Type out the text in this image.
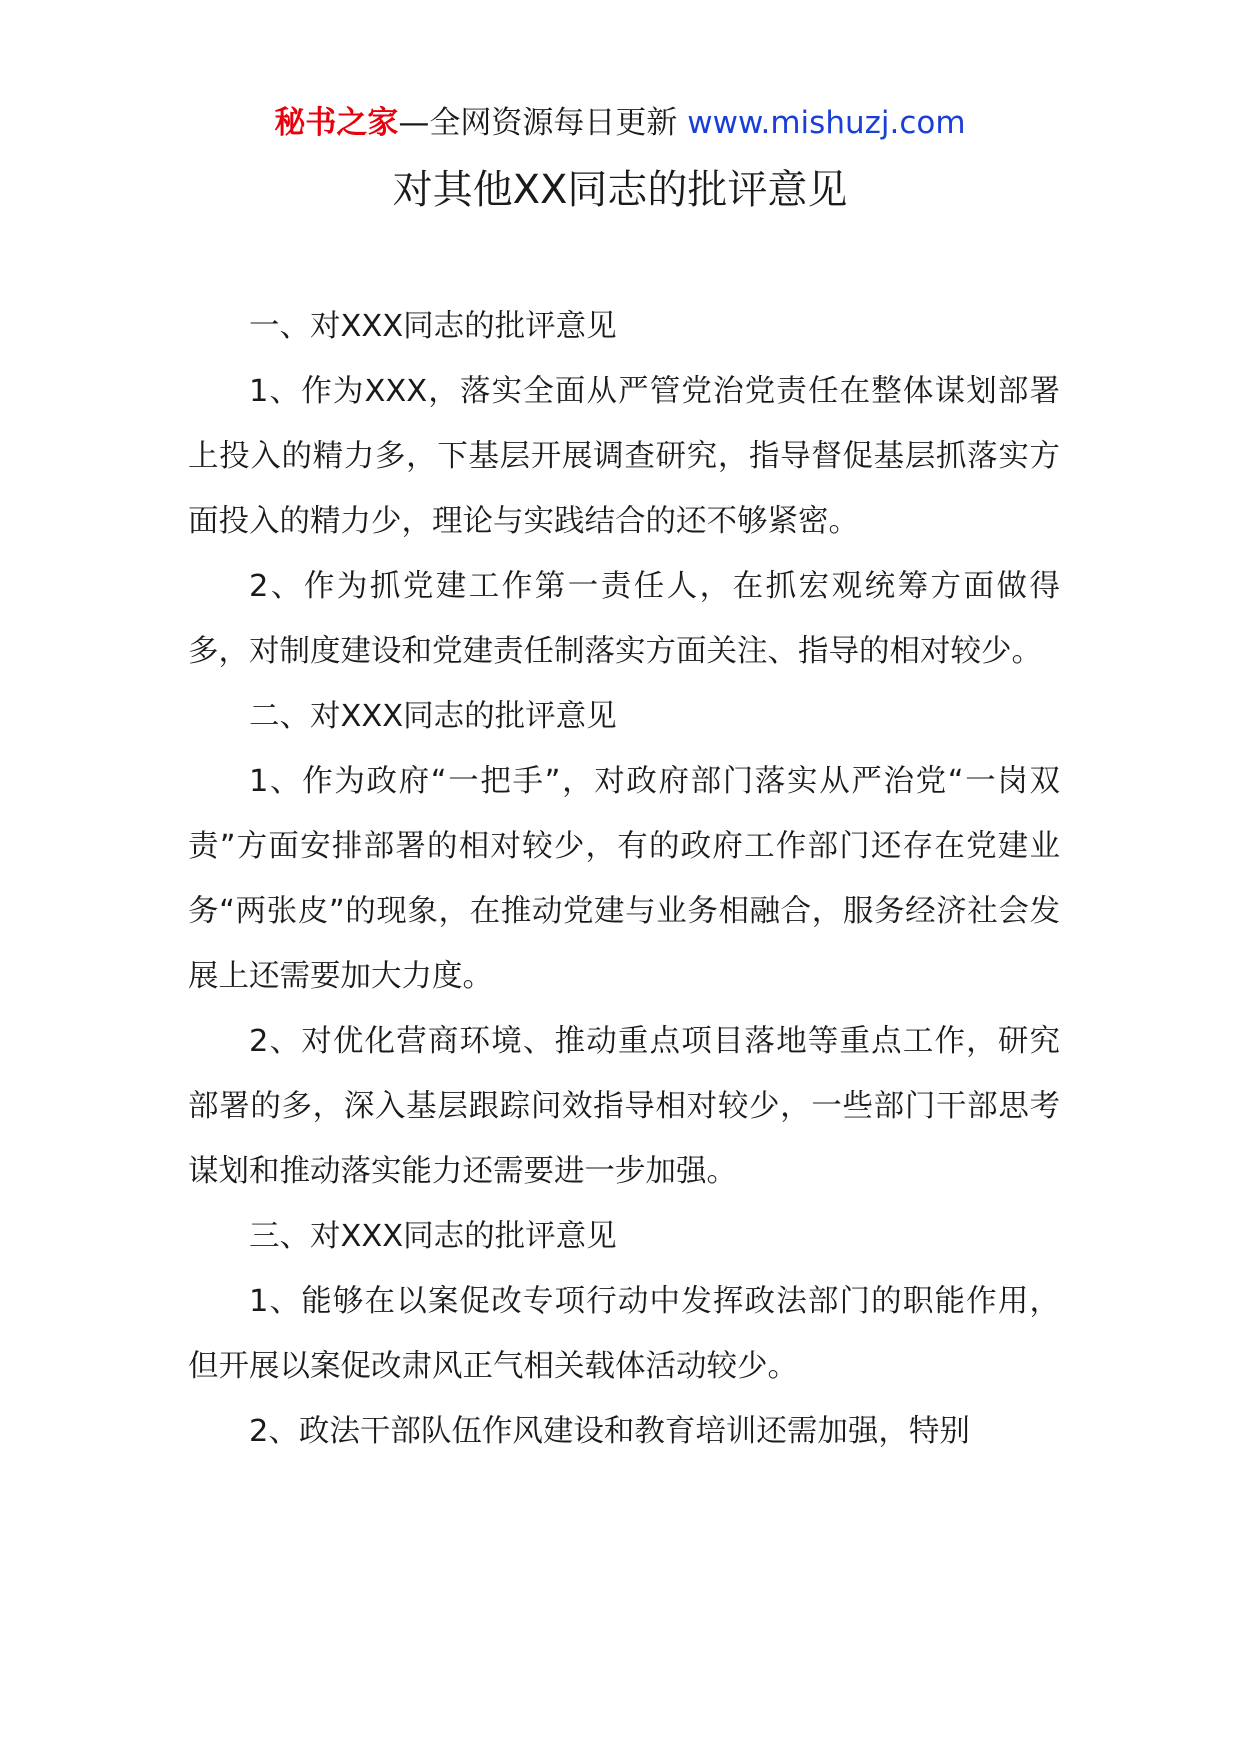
秘书之家—全网资源每日更新 www.mishuzj.com
对其他XX同志的批评意见

一、对XXX同志的批评意见

1、作为XXX，落实全面从严管党治党责任在整体谋划部署上投入的精力多，下基层开展调查研究，指导督促基层抓落实方面投入的精力少，理论与实践结合的还不够紧密。

2、作为抓党建工作第一责任人，在抓宏观统筹方面做得多，对制度建设和党建责任制落实方面关注、指导的相对较少。

二、对XXX同志的批评意见

1、作为政府“一把手”，对政府部门落实从严治党“一岗双责”方面安排部署的相对较少，有的政府工作部门还存在党建业务“两张皮”的现象，在推动党建与业务相融合，服务经济社会发展上还需要加大力度。

2、对优化营商环境、推动重点项目落地等重点工作，研究部署的多，深入基层跟踪问效指导相对较少，一些部门干部思考谋划和推动落实能力还需要进一步加强。

三、对XXX同志的批评意见

1、能够在以案促改专项行动中发挥政法部门的职能作用，但开展以案促改肃风正气相关载体活动较少。

2、政法干部队伍作风建设和教育培训还需加强，特别
